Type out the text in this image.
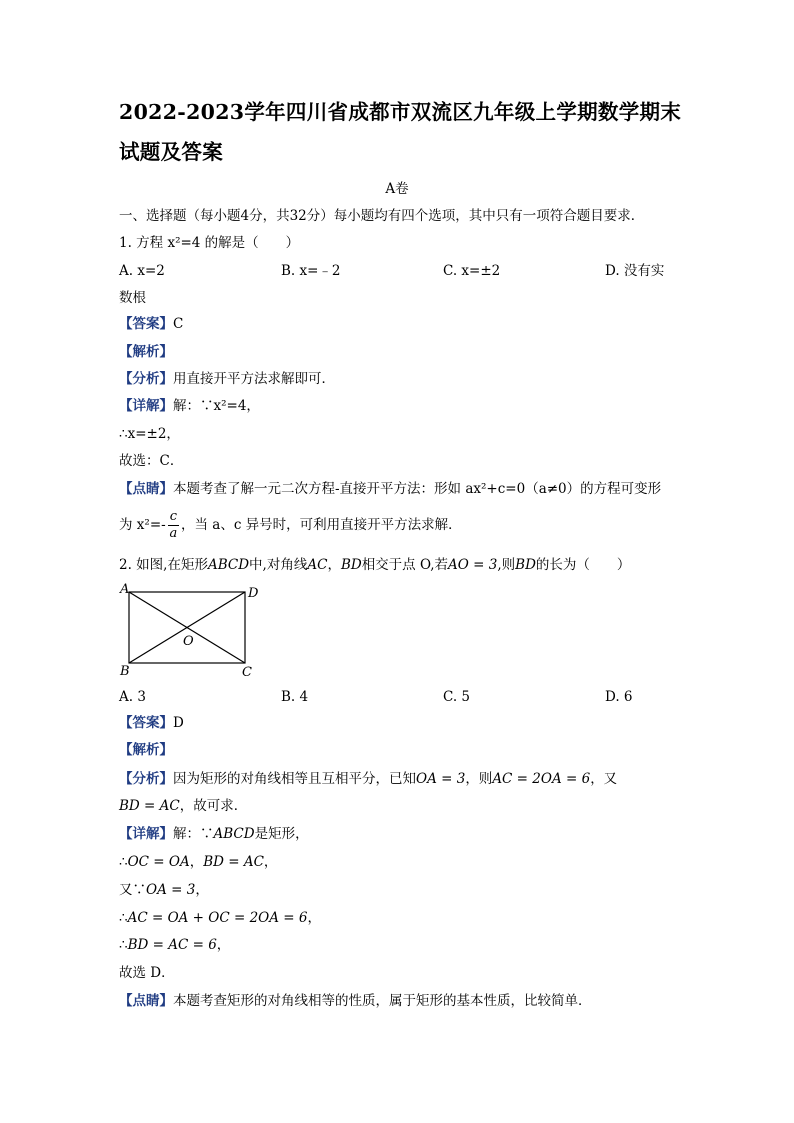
2022-2023学年四川省成都市双流区九年级上学期数学期末
试题及答案
A卷
一、选择题（每小题4分，共32分）每小题均有四个选项，其中只有一项符合题目要求．
1. 方程 x²=4 的解是（　　）
A. x=2	B. x=﹣2	C. x=±2	D. 没有实
数根
【答案】C
【解析】
【分析】用直接开平方法求解即可．
【详解】解：∵x²=4，
∴x=±2，
故选：C．
【点睛】本题考查了解一元二次方程-直接开平方法：形如 ax²+c=0（a≠0）的方程可变形
为 $x^2=- \frac{c}{a}$ ，当 a、c 异号时，可利用直接开平方法求解．
2. 如图,在矩形ABCD中,对角线AC，BD相交于点 O,若AO = 3,则BD的长为（　　）
A	D
B	C
O
A. 3	B. 4	C. 5	D. 6
【答案】D
【解析】
【分析】因为矩形的对角线相等且互相平分，已知OA = 3，则AC = 2OA = 6，又
BD = AC，故可求．
【详解】解：∵ABCD是矩形，
∴OC = OA，BD = AC，
又∵OA = 3，
∴AC = OA + OC = 2OA = 6，
∴BD = AC = 6，
故选 D．
【点睛】本题考查矩形的对角线相等的性质，属于矩形的基本性质，比较简单．
